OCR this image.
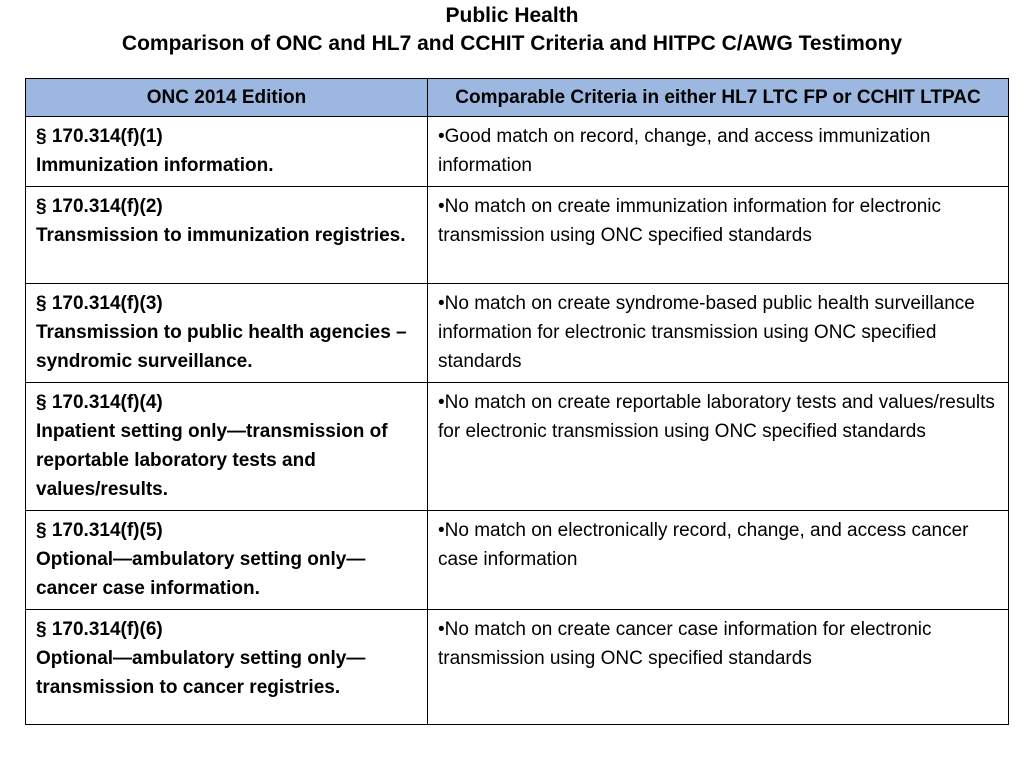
Public Health
Comparison of ONC and HL7 and CCHIT Criteria and HITPC C/AWG Testimony
ONC 2014 Edition	Comparable Criteria in either HL7 LTC FP or CCHIT LTPAC

§ 170.314(f)(1)
Immunization information.	•Good match on record, change, and access immunization information

§ 170.314(f)(2)
Transmission to immunization registries.	•No match on create immunization information for electronic transmission using ONC specified standards

§ 170.314(f)(3)
Transmission to public health agencies – syndromic surveillance.	•No match on create syndrome-based public health surveillance information for electronic transmission using ONC specified standards

§ 170.314(f)(4)
Inpatient setting only—transmission of reportable laboratory tests and values/results.	•No match on create reportable laboratory tests and values/results for electronic transmission using ONC specified standards

§ 170.314(f)(5)
Optional—ambulatory setting only—cancer case information.	•No match on electronically record, change, and access cancer case information

§ 170.314(f)(6)
Optional—ambulatory setting only—transmission to cancer registries.	•No match on create cancer case information for electronic transmission using ONC specified standards
